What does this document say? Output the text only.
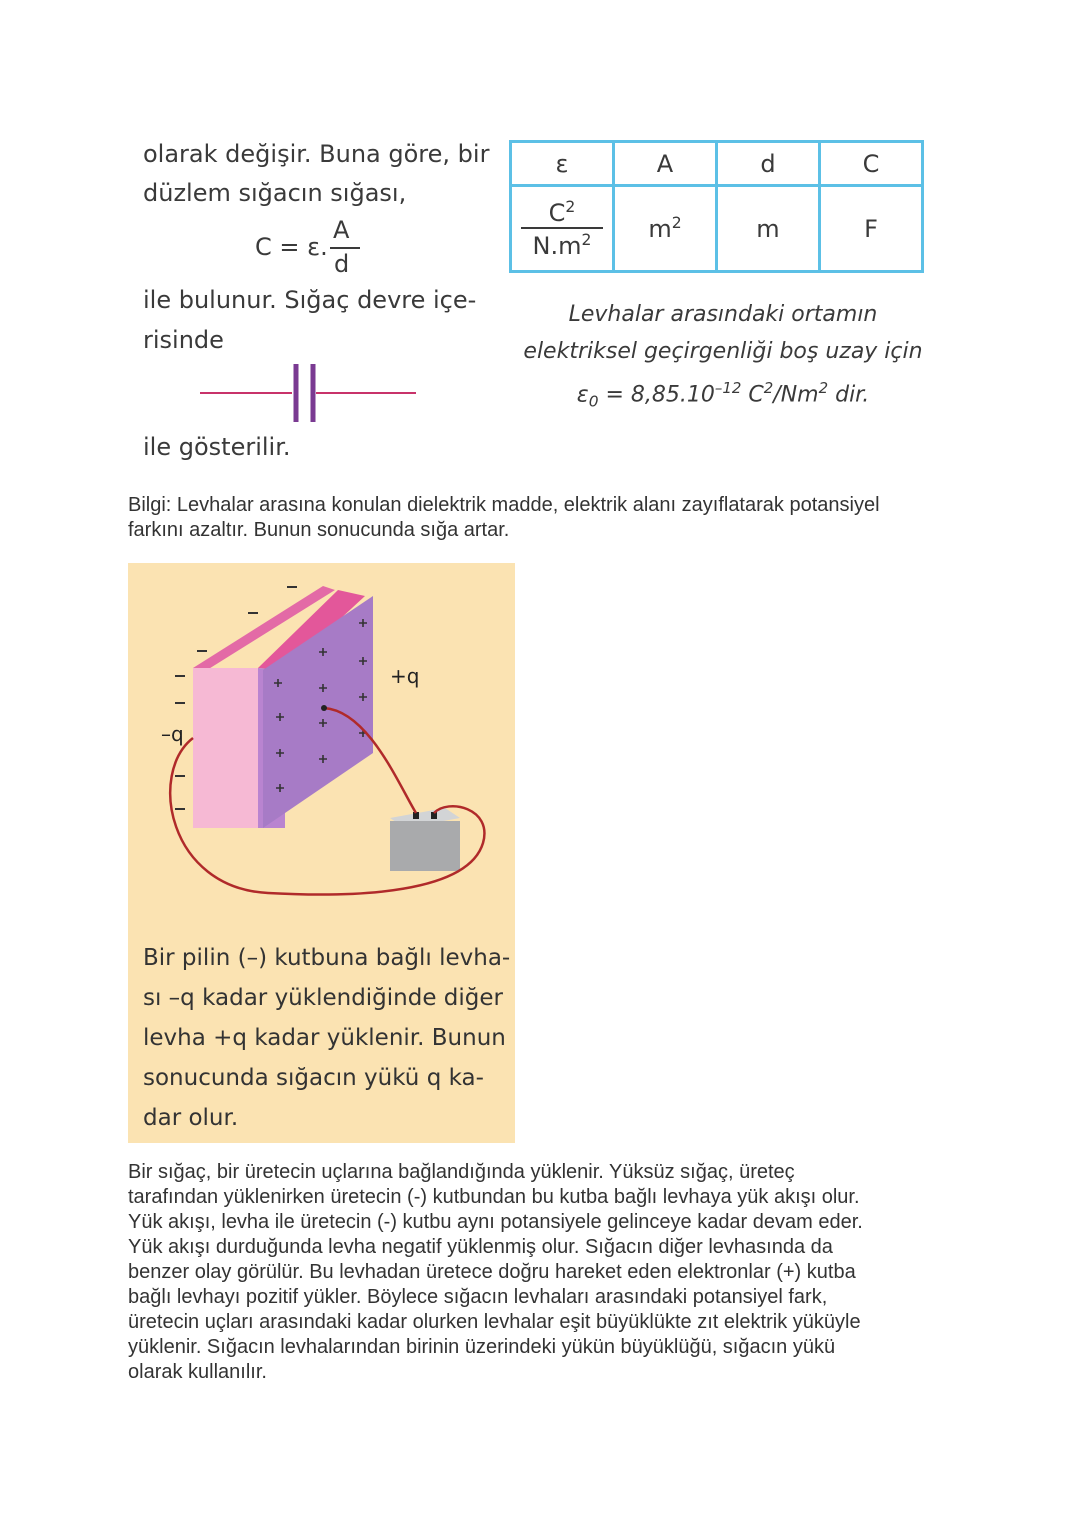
olarak değişir. Buna göre, bir
düzlem sığacın sığası,
ile bulunur. Sığaç devre içe-
risinde
ile gösterilir.
C = ε.
A
d
ε	A	d	C

$\frac{C^2}{N.m^2}$	$m^2$	m	F
Levhalar arasındaki ortamın
elektriksel geçirgenliği boş uzay için
$\varepsilon_0 = 8,85.10^{-12}$ $C^2/Nm^2$ dir.
Bilgi: Levhalar arasına konulan dielektrik madde, elektrik alanı zayıflatarak potansiyel
farkını azaltır. Bunun sonucunda sığa artar.
–q
+q
Bir pilin (–) kutbuna bağlı levha-
sı –q kadar yüklendiğinde diğer
levha +q kadar yüklenir. Bunun
sonucunda sığacın yükü q ka-
dar olur.
Bir sığaç, bir üretecin uçlarına bağlandığında yüklenir. Yüksüz sığaç, üreteç
tarafından yüklenirken üretecin (-) kutbundan bu kutba bağlı levhaya yük akışı olur.
Yük akışı, levha ile üretecin (-) kutbu aynı potansiyele gelinceye kadar devam eder.
Yük akışı durduğunda levha negatif yüklenmiş olur. Sığacın diğer levhasında da
benzer olay görülür. Bu levhadan üretece doğru hareket eden elektronlar (+) kutba
bağlı levhayı pozitif yükler. Böylece sığacın levhaları arasındaki potansiyel fark,
üretecin uçları arasındaki kadar olurken levhalar eşit büyüklükte zıt elektrik yüküyle
yüklenir. Sığacın levhalarından birinin üzerindeki yükün büyüklüğü, sığacın yükü
olarak kullanılır.
